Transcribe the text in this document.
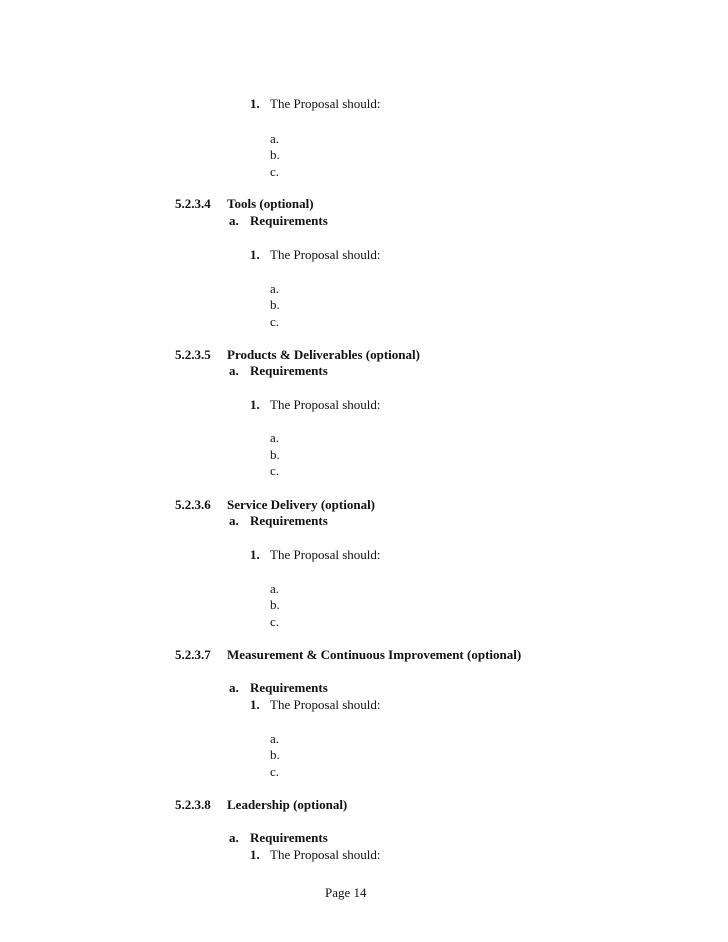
1. The Proposal should:
a.
b.
c.
5.2.3.4 Tools (optional)
a. Requirements
1. The Proposal should:
a.
b.
c.
5.2.3.5 Products & Deliverables (optional)
a. Requirements
1. The Proposal should:
a.
b.
c.
5.2.3.6 Service Delivery (optional)
a. Requirements
1. The Proposal should:
a.
b.
c.
5.2.3.7 Measurement & Continuous Improvement (optional)
a. Requirements
1. The Proposal should:
a.
b.
c.
5.2.3.8 Leadership (optional)
a. Requirements
1. The Proposal should:
Page 14
